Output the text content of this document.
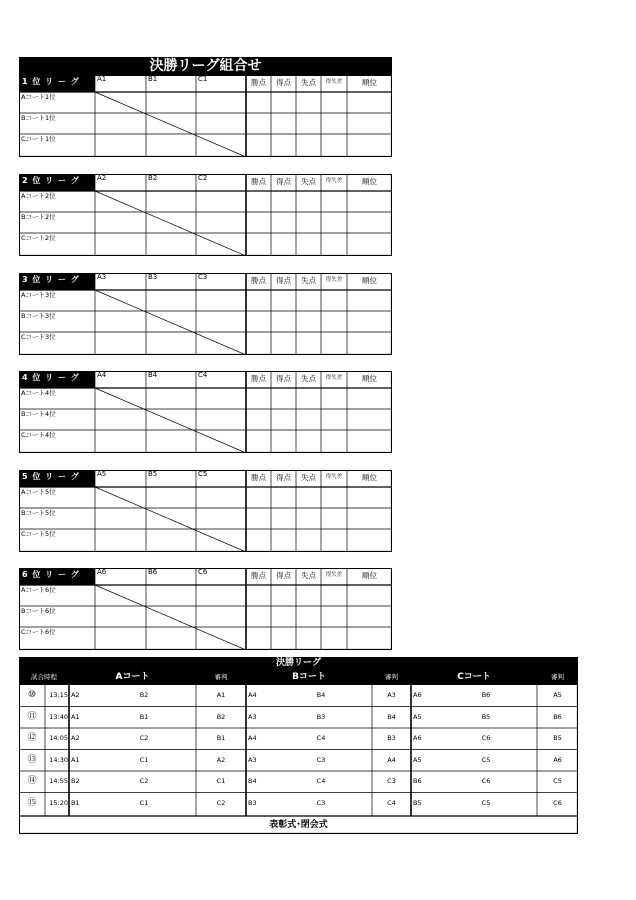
決勝リーグ組合せ
1 位 リ ー グ	A1	B1	C1	勝点	得点	失点	得失差	順位
Aコート1位
Bコート1位
Cコート1位
2 位 リ ー グ	A2	B2	C2	勝点	得点	失点	得失差	順位
Aコート2位
Bコート2位
Cコート2位
3 位 リ ー グ	A3	B3	C3	勝点	得点	失点	得失差	順位
Aコート3位
Bコート3位
Cコート3位
4 位 リ ー グ	A4	B4	C4	勝点	得点	失点	得失差	順位
Aコート4位
Bコート4位
Cコート4位
5 位 リ ー グ	A5	B5	C5	勝点	得点	失点	得失差	順位
Aコート5位
Bコート5位
Cコート5位
6 位 リ ー グ	A6	B6	C6	勝点	得点	失点	得失差	順位
Aコート6位
Bコート6位
Cコート6位
決勝リーグ
試合時程	Aコート	審判	Bコート	審判	Cコート	審判
表彰式･閉会式
⑩	13:15 A2	B2	A1	A4	B4	A3	A6	B6	A5
⑪	13:40 A1	B1	B2	A3	B3	B4	A5	B5	B6
⑫	14:05 A2	C2	B1	A4	C4	B3	A6	C6	B5
⑬	14:30 A1	C1	A2	A3	C3	A4	A5	C5	A6
⑭	14:55 B2	C2	C1	B4	C4	C3	B6	C6	C5
⑮	15:20 B1	C1	C2	B3	C3	C4	B5	C5	C6
